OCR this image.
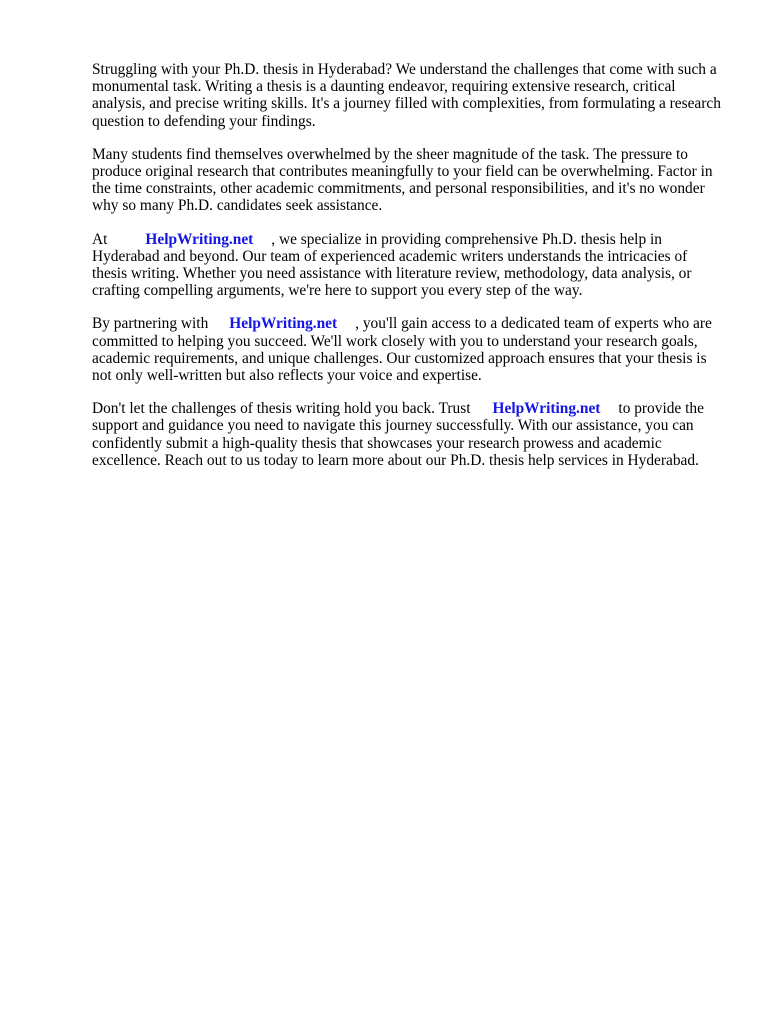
Struggling with your Ph.D. thesis in Hyderabad? We understand the challenges that come with such a monumental task. Writing a thesis is a daunting endeavor, requiring extensive research, critical analysis, and precise writing skills. It's a journey filled with complexities, from formulating a research question to defending your findings.

Many students find themselves overwhelmed by the sheer magnitude of the task. The pressure to produce original research that contributes meaningfully to your field can be overwhelming. Factor in the time constraints, other academic commitments, and personal responsibilities, and it's no wonder why so many Ph.D. candidates seek assistance.

At HelpWriting.net , we specialize in providing comprehensive Ph.D. thesis help in Hyderabad and beyond. Our team of experienced academic writers understands the intricacies of thesis writing. Whether you need assistance with literature review, methodology, data analysis, or crafting compelling arguments, we're here to support you every step of the way.

By partnering with HelpWriting.net , you'll gain access to a dedicated team of experts who are committed to helping you succeed. We'll work closely with you to understand your research goals, academic requirements, and unique challenges. Our customized approach ensures that your thesis is not only well-written but also reflects your voice and expertise.

Don't let the challenges of thesis writing hold you back. Trust HelpWriting.net to provide the support and guidance you need to navigate this journey successfully. With our assistance, you can confidently submit a high-quality thesis that showcases your research prowess and academic excellence. Reach out to us today to learn more about our Ph.D. thesis help services in Hyderabad.
